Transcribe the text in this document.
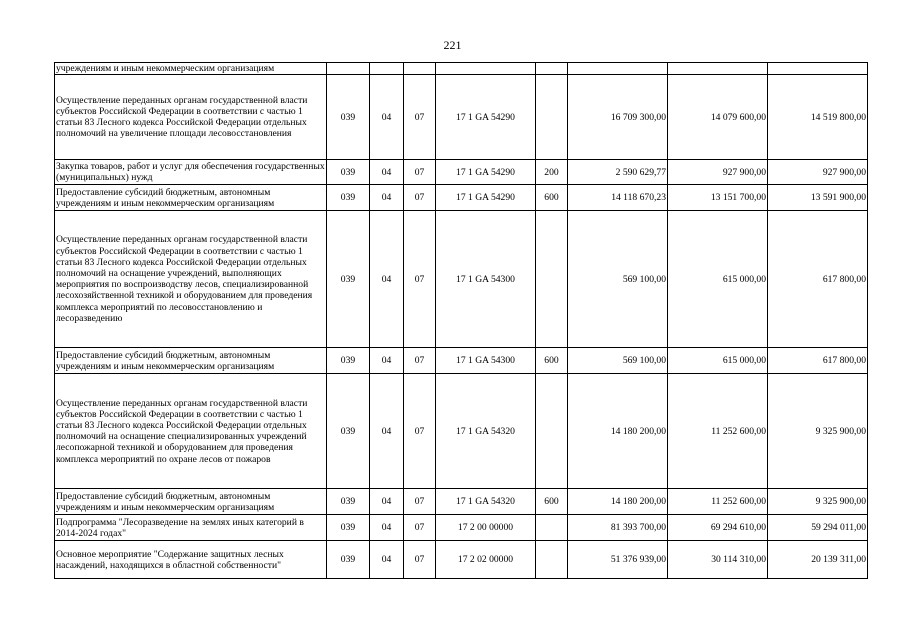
221
учреждениям и иным некоммерческим организациям								
Осуществление переданных органам государственной власти субъектов Российской Федерации в соответствии с частью 1 статьи 83 Лесного кодекса Российской Федерации отдельных полномочий на увеличение площади лесовосстановления	039	04	07	17 1 GA 54290		16 709 300,00	14 079 600,00	14 519 800,00
Закупка товаров, работ и услуг для обеспечения государственных (муниципальных) нужд	039	04	07	17 1 GA 54290	200	2 590 629,77	927 900,00	927 900,00
Предоставление субсидий бюджетным, автономным учреждениям и иным некоммерческим организациям	039	04	07	17 1 GA 54290	600	14 118 670,23	13 151 700,00	13 591 900,00
Осуществление переданных органам государственной власти субъектов Российской Федерации в соответствии с частью 1 статьи 83 Лесного кодекса Российской Федерации отдельных полномочий на оснащение учреждений, выполняющих мероприятия по воспроизводству лесов, специализированной лесохозяйственной техникой и оборудованием для проведения комплекса мероприятий по лесовосстановлению и лесоразведению	039	04	07	17 1 GA 54300		569 100,00	615 000,00	617 800,00
Предоставление субсидий бюджетным, автономным учреждениям и иным некоммерческим организациям	039	04	07	17 1 GA 54300	600	569 100,00	615 000,00	617 800,00
Осуществление переданных органам государственной власти субъектов Российской Федерации в соответствии с частью 1 статьи 83 Лесного кодекса Российской Федерации отдельных полномочий на оснащение специализированных учреждений лесопожарной техникой и оборудованием для проведения комплекса мероприятий по охране лесов от пожаров	039	04	07	17 1 GA 54320		14 180 200,00	11 252 600,00	9 325 900,00
Предоставление субсидий бюджетным, автономным учреждениям и иным некоммерческим организациям	039	04	07	17 1 GA 54320	600	14 180 200,00	11 252 600,00	9 325 900,00
Подпрограмма "Лесоразведение на землях иных категорий в 2014-2024 годах"	039	04	07	17 2 00 00000		81 393 700,00	69 294 610,00	59 294 011,00
Основное мероприятие "Содержание защитных лесных насаждений, находящихся в областной собственности"	039	04	07	17 2 02 00000		51 376 939,00	30 114 310,00	20 139 311,00
